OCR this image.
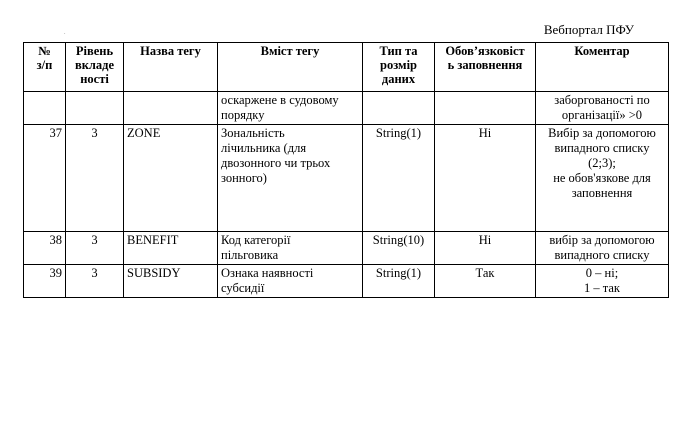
Вебпортал ПФУ
.
№
з/п	Рівень
вкладе
ності	Назва тегу	Вміст тегу	Тип та
розмір
даних	Обов’язковіст
ь заповнення	Коментар

			оскаржене в судовому
порядку			заборгованості по
організації» >0

37	3	ZONE	Зональність
лічильника (для
двозонного чи трьох
зонного)	String(1)	Ні	Вибір за допомогою
випадного списку
(2;3);
не обов'язкове для
заповнення

38	3	BENEFIT	Код категорії
пільговика	String(10)	Ні	вибір за допомогою
випадного списку

39	3	SUBSIDY	Ознака наявності
субсидії	String(1)	Так	0 – ні;
1 – так
